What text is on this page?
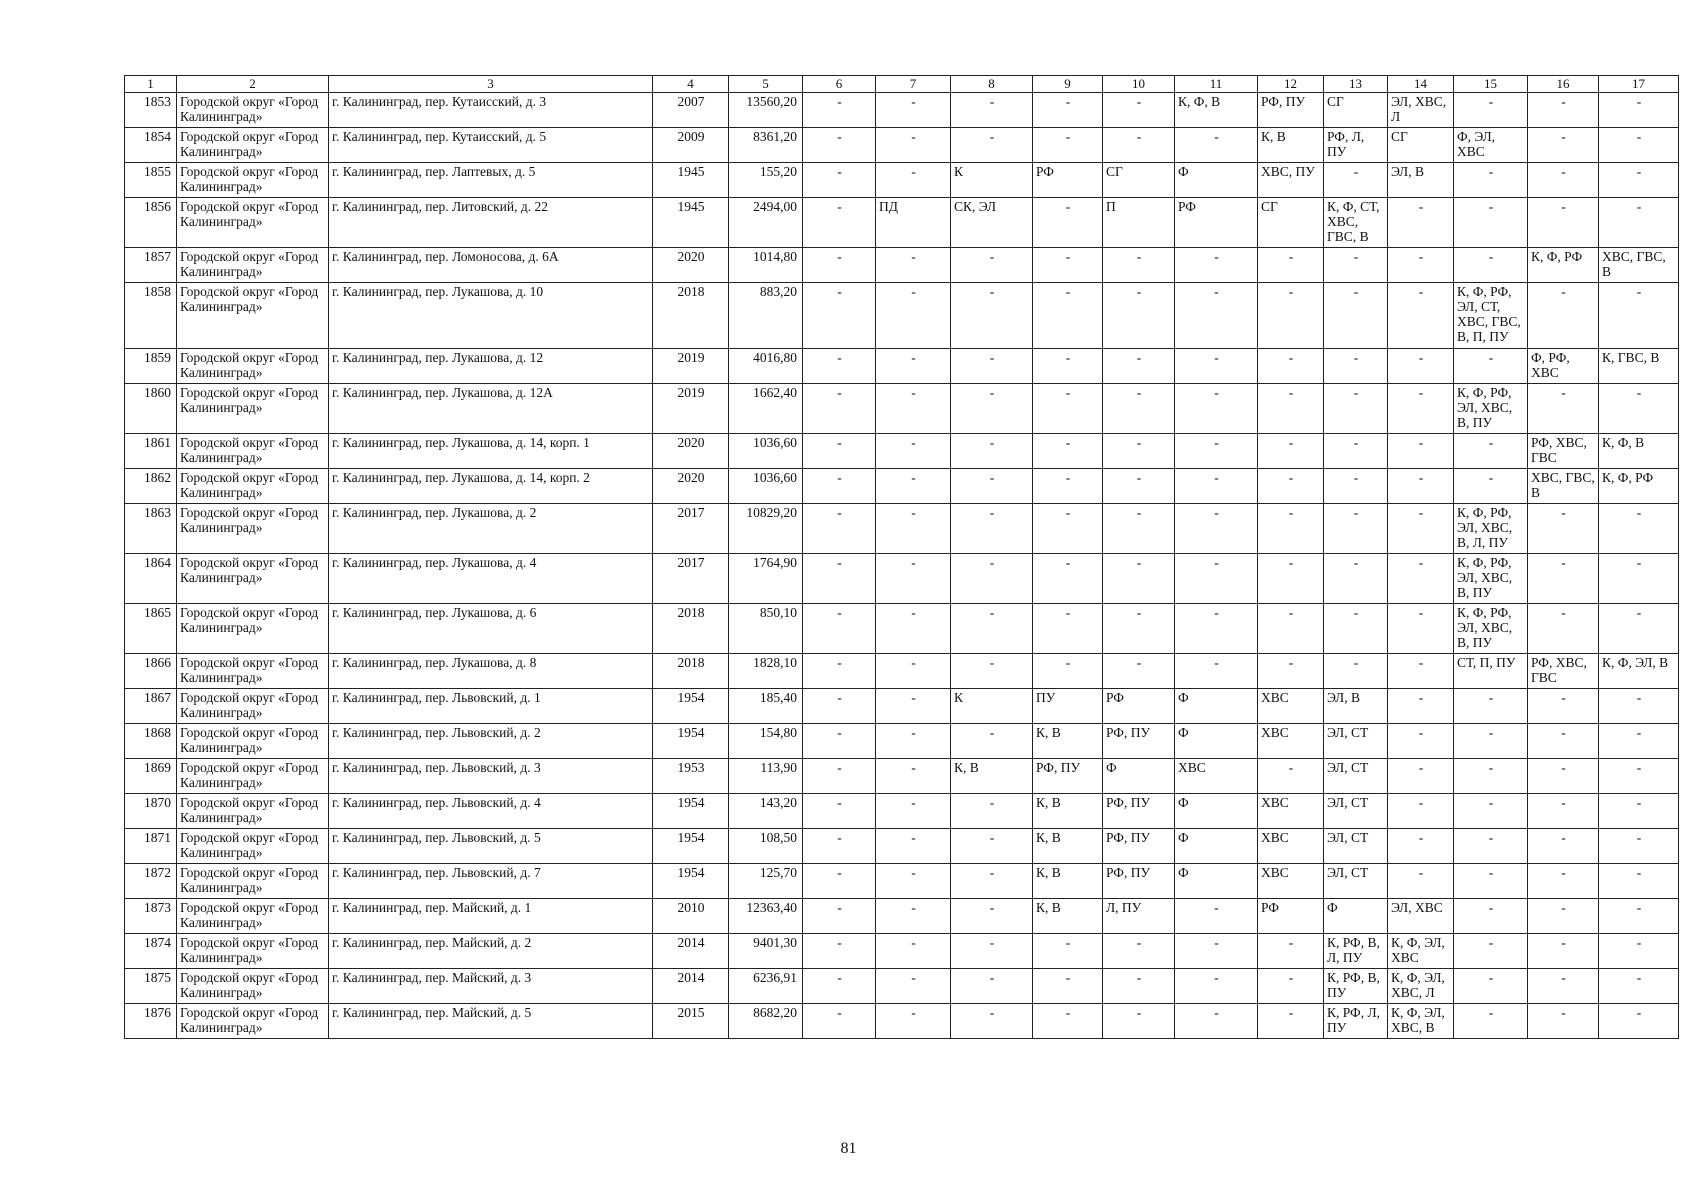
1	2	3	4	5	6	7	8	9	10	11	12	13	14	15	16	17
1853	Городской округ «Город Калининград»	г. Калининград, пер. Кутаисский, д. 3	2007	13560,20	-	-	-	-	-	К, Ф, В	РФ, ПУ	СГ	ЭЛ, ХВС, Л	-	-	-
1854	Городской округ «Город Калининград»	г. Калининград, пер. Кутаисский, д. 5	2009	8361,20	-	-	-	-	-	-	К, В	РФ, Л, ПУ	СГ	Ф, ЭЛ, ХВС	-	-
1855	Городской округ «Город Калининград»	г. Калининград, пер. Лаптевых, д. 5	1945	155,20	-	-	К	РФ	СГ	Ф	ХВС, ПУ	-	ЭЛ, В	-	-	-
1856	Городской округ «Город Калининград»	г. Калининград, пер. Литовский, д. 22	1945	2494,00	-	ПД	СК, ЭЛ	-	П	РФ	СГ	К, Ф, СТ, ХВС, ГВС, В	-	-	-	-
1857	Городской округ «Город Калининград»	г. Калининград, пер. Ломоносова, д. 6А	2020	1014,80	-	-	-	-	-	-	-	-	-	-	К, Ф, РФ	ХВС, ГВС, В
1858	Городской округ «Город Калининград»	г. Калининград, пер. Лукашова, д. 10	2018	883,20	-	-	-	-	-	-	-	-	-	К, Ф, РФ, ЭЛ, СТ, ХВС, ГВС, В, П, ПУ	-	-
1859	Городской округ «Город Калининград»	г. Калининград, пер. Лукашова, д. 12	2019	4016,80	-	-	-	-	-	-	-	-	-	-	Ф, РФ, ХВС	К, ГВС, В
1860	Городской округ «Город Калининград»	г. Калининград, пер. Лукашова, д. 12А	2019	1662,40	-	-	-	-	-	-	-	-	-	К, Ф, РФ, ЭЛ, ХВС, В, ПУ	-	-
1861	Городской округ «Город Калининград»	г. Калининград, пер. Лукашова, д. 14, корп. 1	2020	1036,60	-	-	-	-	-	-	-	-	-	-	РФ, ХВС, ГВС	К, Ф, В
1862	Городской округ «Город Калининград»	г. Калининград, пер. Лукашова, д. 14, корп. 2	2020	1036,60	-	-	-	-	-	-	-	-	-	-	ХВС, ГВС, В	К, Ф, РФ
1863	Городской округ «Город Калининград»	г. Калининград, пер. Лукашова, д. 2	2017	10829,20	-	-	-	-	-	-	-	-	-	К, Ф, РФ, ЭЛ, ХВС, В, Л, ПУ	-	-
1864	Городской округ «Город Калининград»	г. Калининград, пер. Лукашова, д. 4	2017	1764,90	-	-	-	-	-	-	-	-	-	К, Ф, РФ, ЭЛ, ХВС, В, ПУ	-	-
1865	Городской округ «Город Калининград»	г. Калининград, пер. Лукашова, д. 6	2018	850,10	-	-	-	-	-	-	-	-	-	К, Ф, РФ, ЭЛ, ХВС, В, ПУ	-	-
1866	Городской округ «Город Калининград»	г. Калининград, пер. Лукашова, д. 8	2018	1828,10	-	-	-	-	-	-	-	-	-	СТ, П, ПУ	РФ, ХВС, ГВС	К, Ф, ЭЛ, В
1867	Городской округ «Город Калининград»	г. Калининград, пер. Львовский, д. 1	1954	185,40	-	-	К	ПУ	РФ	Ф	ХВС	ЭЛ, В	-	-	-	-
1868	Городской округ «Город Калининград»	г. Калининград, пер. Львовский, д. 2	1954	154,80	-	-	-	К, В	РФ, ПУ	Ф	ХВС	ЭЛ, СТ	-	-	-	-
1869	Городской округ «Город Калининград»	г. Калининград, пер. Львовский, д. 3	1953	113,90	-	-	К, В	РФ, ПУ	Ф	ХВС	-	ЭЛ, СТ	-	-	-	-
1870	Городской округ «Город Калининград»	г. Калининград, пер. Львовский, д. 4	1954	143,20	-	-	-	К, В	РФ, ПУ	Ф	ХВС	ЭЛ, СТ	-	-	-	-
1871	Городской округ «Город Калининград»	г. Калининград, пер. Львовский, д. 5	1954	108,50	-	-	-	К, В	РФ, ПУ	Ф	ХВС	ЭЛ, СТ	-	-	-	-
1872	Городской округ «Город Калининград»	г. Калининград, пер. Львовский, д. 7	1954	125,70	-	-	-	К, В	РФ, ПУ	Ф	ХВС	ЭЛ, СТ	-	-	-	-
1873	Городской округ «Город Калининград»	г. Калининград, пер. Майский, д. 1	2010	12363,40	-	-	-	К, В	Л, ПУ	-	РФ	Ф	ЭЛ, ХВС	-	-	-
1874	Городской округ «Город Калининград»	г. Калининград, пер. Майский, д. 2	2014	9401,30	-	-	-	-	-	-	-	К, РФ, В, Л, ПУ	К, Ф, ЭЛ, ХВС	-	-	-
1875	Городской округ «Город Калининград»	г. Калининград, пер. Майский, д. 3	2014	6236,91	-	-	-	-	-	-	-	К, РФ, В, ПУ	К, Ф, ЭЛ, ХВС, Л	-	-	-
1876	Городской округ «Город Калининград»	г. Калининград, пер. Майский, д. 5	2015	8682,20	-	-	-	-	-	-	-	К, РФ, Л, ПУ	К, Ф, ЭЛ, ХВС, В	-	-	-
81
